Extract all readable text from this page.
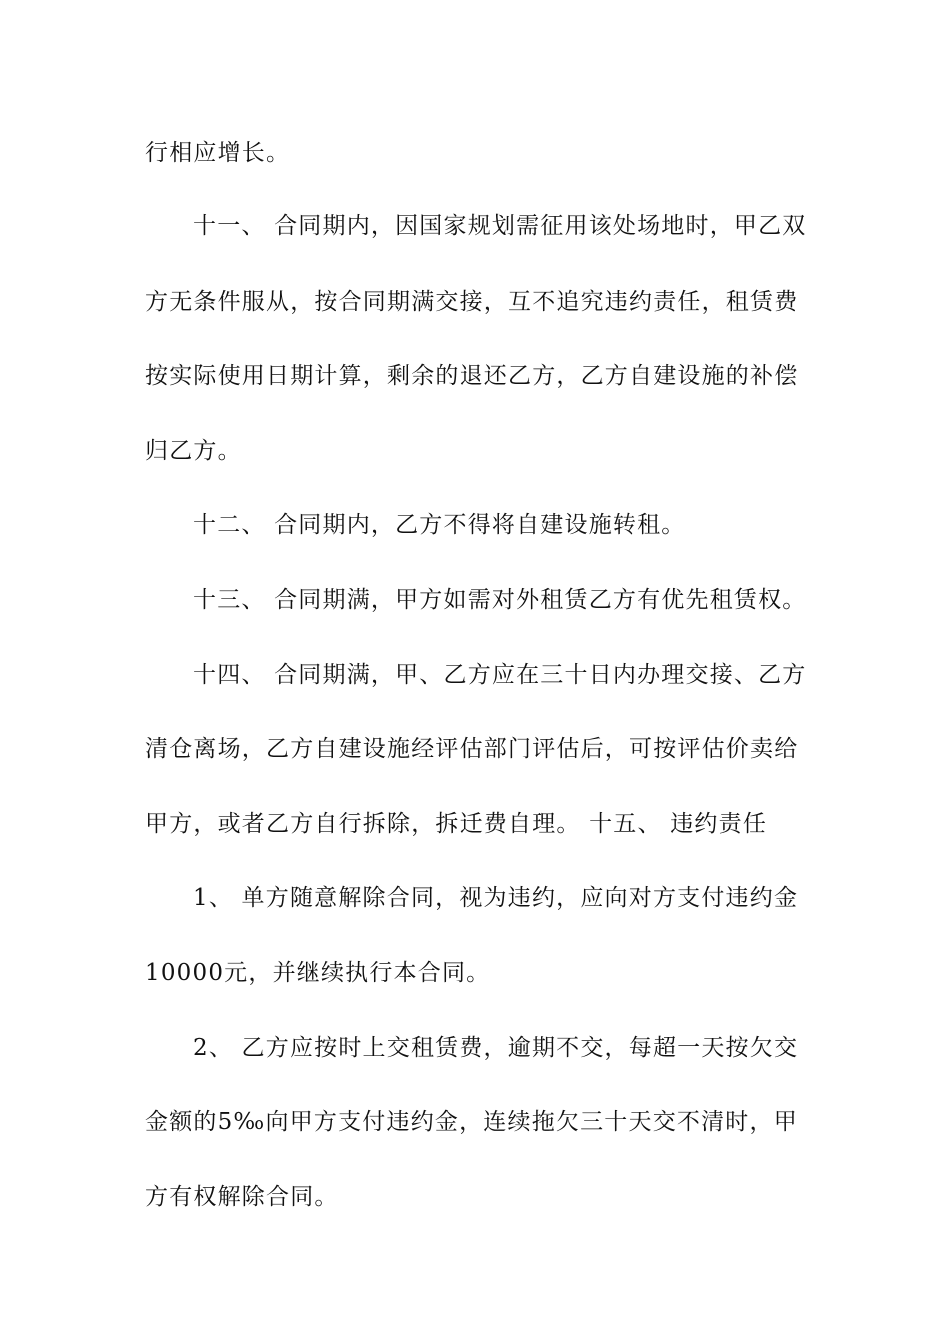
行相应增长。
十一、 合同期内，因国家规划需征用该处场地时，甲乙双
方无条件服从，按合同期满交接，互不追究违约责任，租赁费
按实际使用日期计算，剩余的退还乙方，乙方自建设施的补偿
归乙方。
十二、 合同期内，乙方不得将自建设施转租。
十三、 合同期满，甲方如需对外租赁乙方有优先租赁权。
十四、 合同期满，甲、乙方应在三十日内办理交接、乙方
清仓离场，乙方自建设施经评估部门评估后，可按评估价卖给
甲方，或者乙方自行拆除，拆迁费自理。 十五、 违约责任
1、 单方随意解除合同，视为违约，应向对方支付违约金
10000元，并继续执行本合同。
2、 乙方应按时上交租赁费，逾期不交，每超一天按欠交
金额的5‰向甲方支付违约金，连续拖欠三十天交不清时，甲
方有权解除合同。
